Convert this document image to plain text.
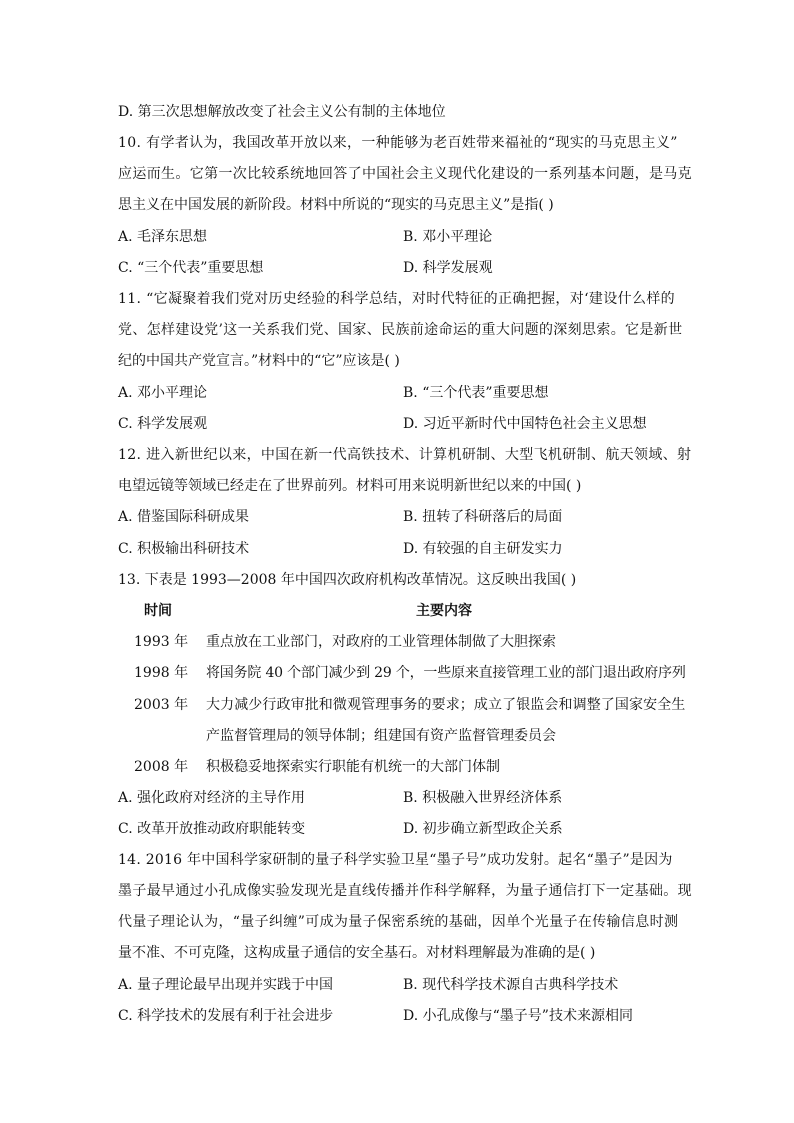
D. 第三次思想解放改变了社会主义公有制的主体地位
10. 有学者认为，我国改革开放以来，一种能够为老百姓带来福祉的“现实的马克思主义”
应运而生。它第一次比较系统地回答了中国社会主义现代化建设的一系列基本问题，是马克
思主义在中国发展的新阶段。材料中所说的“现实的马克思主义”是指( )
A. 毛泽东思想	B. 邓小平理论
C. “三个代表”重要思想	D. 科学发展观
11. “它凝聚着我们党对历史经验的科学总结，对时代特征的正确把握，对‘建设什么样的
党、怎样建设党’这一关系我们党、国家、民族前途命运的重大问题的深刻思索。它是新世
纪的中国共产党宣言。”材料中的“它”应该是( )
A. 邓小平理论	B. “三个代表”重要思想
C. 科学发展观	D. 习近平新时代中国特色社会主义思想
12. 进入新世纪以来，中国在新一代高铁技术、计算机研制、大型飞机研制、航天领域、射
电望远镜等领域已经走在了世界前列。材料可用来说明新世纪以来的中国( )
A. 借鉴国际科研成果	B. 扭转了科研落后的局面
C. 积极输出科研技术	D. 有较强的自主研发实力
13. 下表是 1993—2008 年中国四次政府机构改革情况。这反映出我国( )
时间	主要内容
1993 年 重点放在工业部门，对政府的工业管理体制做了大胆探索
1998 年 将国务院 40 个部门减少到 29 个，一些原来直接管理工业的部门退出政府序列
2003 年 大力减少行政审批和微观管理事务的要求；成立了银监会和调整了国家安全生
产监督管理局的领导体制；组建国有资产监督管理委员会
2008 年 积极稳妥地探索实行职能有机统一的大部门体制
A. 强化政府对经济的主导作用	B. 积极融入世界经济体系
C. 改革开放推动政府职能转变	D. 初步确立新型政企关系
14. 2016 年中国科学家研制的量子科学实验卫星“墨子号”成功发射。起名“墨子”是因为
墨子最早通过小孔成像实验发现光是直线传播并作科学解释，为量子通信打下一定基础。现
代量子理论认为，“量子纠缠”可成为量子保密系统的基础，因单个光量子在传输信息时测
量不准、不可克隆，这构成量子通信的安全基石。对材料理解最为准确的是( )
A. 量子理论最早出现并实践于中国	B. 现代科学技术源自古典科学技术
C. 科学技术的发展有利于社会进步	D. 小孔成像与“墨子号”技术来源相同
